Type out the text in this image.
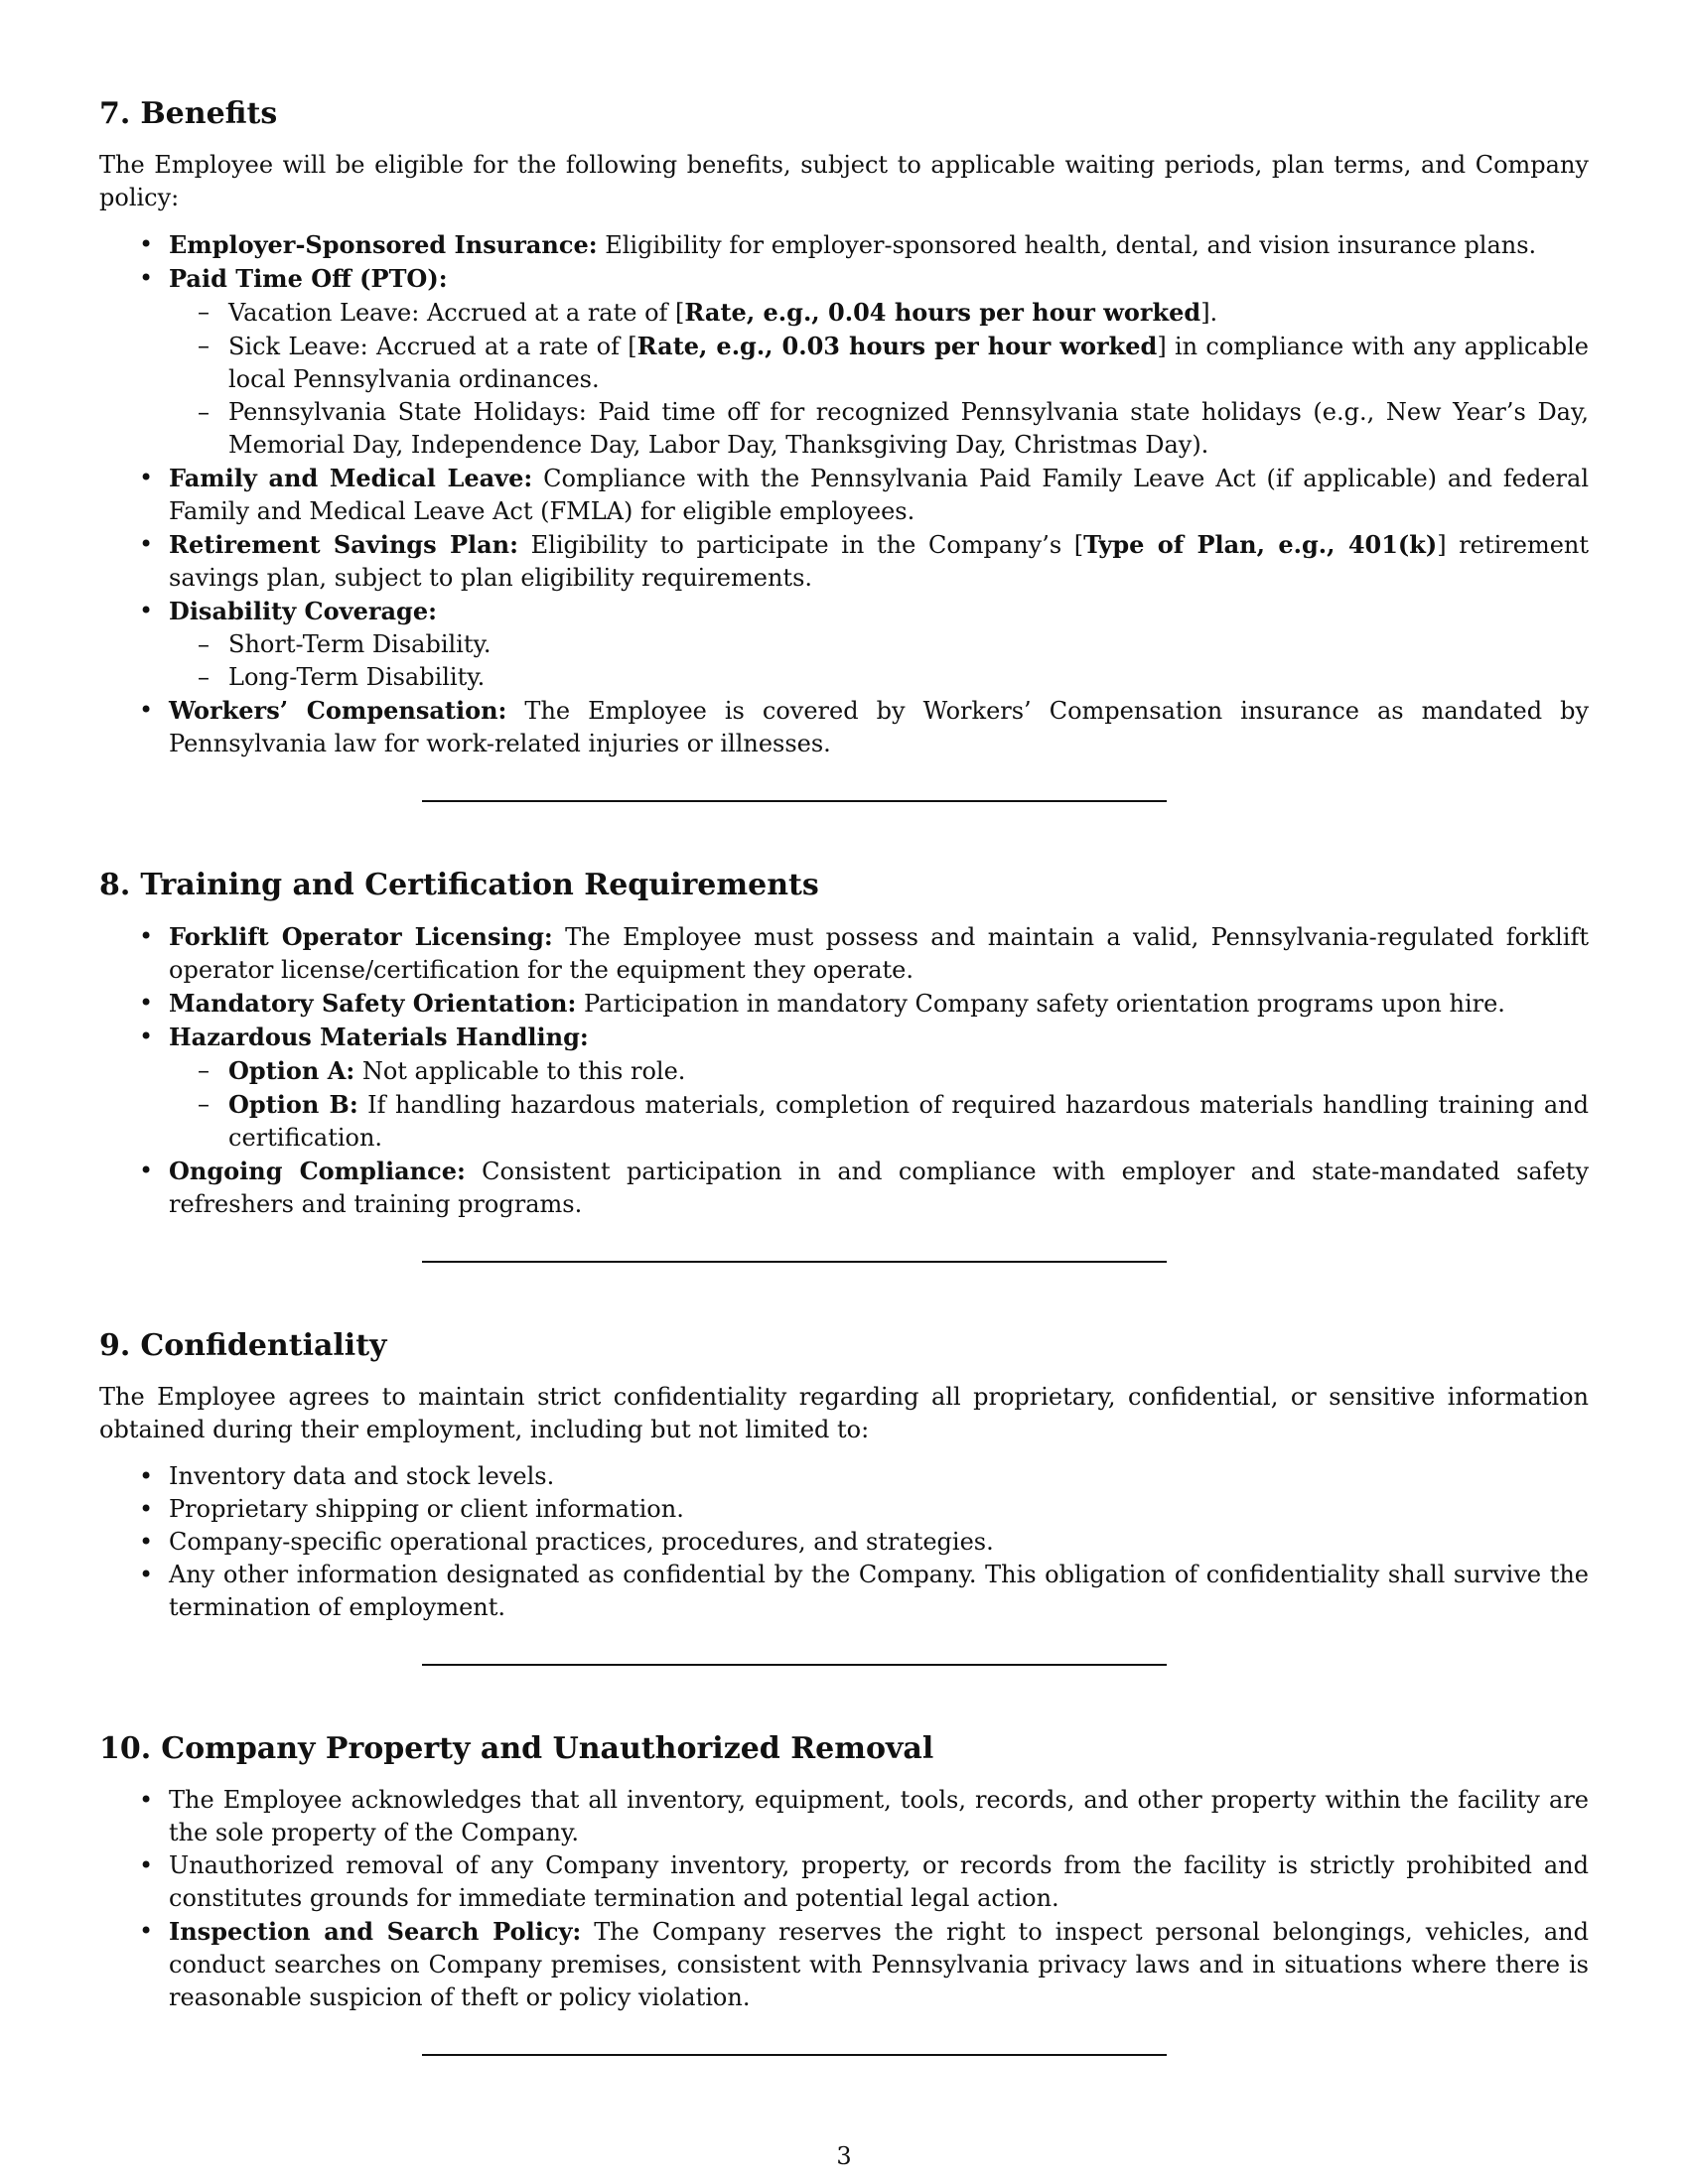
7. Benefits

The Employee will be eligible for the following benefits, subject to applicable waiting periods, plan terms, and Company policy:

• Employer-Sponsored Insurance: Eligibility for employer-sponsored health, dental, and vision insurance plans.
• Paid Time Off (PTO):
– Vacation Leave: Accrued at a rate of [Rate, e.g., 0.04 hours per hour worked].
– Sick Leave: Accrued at a rate of [Rate, e.g., 0.03 hours per hour worked] in compliance with any applicable local Pennsylvania ordinances.
– Pennsylvania State Holidays: Paid time off for recognized Pennsylvania state holidays (e.g., New Year’s Day, Memorial Day, Independence Day, Labor Day, Thanksgiving Day, Christmas Day).
• Family and Medical Leave: Compliance with the Pennsylvania Paid Family Leave Act (if applicable) and federal Family and Medical Leave Act (FMLA) for eligible employees.
• Retirement Savings Plan: Eligibility to participate in the Company’s [Type of Plan, e.g., 401(k)] retirement savings plan, subject to plan eligibility requirements.
• Disability Coverage:
– Short-Term Disability.
– Long-Term Disability.
• Workers’ Compensation: The Employee is covered by Workers’ Compensation insurance as mandated by Pennsylvania law for work-related injuries or illnesses.
8. Training and Certification Requirements
• Forklift Operator Licensing: The Employee must possess and maintain a valid, Pennsylvania-regulated forklift operator license/certification for the equipment they operate.
• Mandatory Safety Orientation: Participation in mandatory Company safety orientation programs upon hire.
• Hazardous Materials Handling:
– Option A: Not applicable to this role.
– Option B: If handling hazardous materials, completion of required hazardous materials handling training and certification.
• Ongoing Compliance: Consistent participation in and compliance with employer and state-mandated safety refreshers and training programs.
9. Confidentiality

The Employee agrees to maintain strict confidentiality regarding all proprietary, confidential, or sensitive information obtained during their employment, including but not limited to:

• Inventory data and stock levels.
• Proprietary shipping or client information.
• Company-specific operational practices, procedures, and strategies.
• Any other information designated as confidential by the Company. This obligation of confidentiality shall survive the termination of employment.
10. Company Property and Unauthorized Removal
• The Employee acknowledges that all inventory, equipment, tools, records, and other property within the facility are the sole property of the Company.
• Unauthorized removal of any Company inventory, property, or records from the facility is strictly prohibited and constitutes grounds for immediate termination and potential legal action.
• Inspection and Search Policy: The Company reserves the right to inspect personal belongings, vehicles, and conduct searches on Company premises, consistent with Pennsylvania privacy laws and in situations where there is reasonable suspicion of theft or policy violation.
3
